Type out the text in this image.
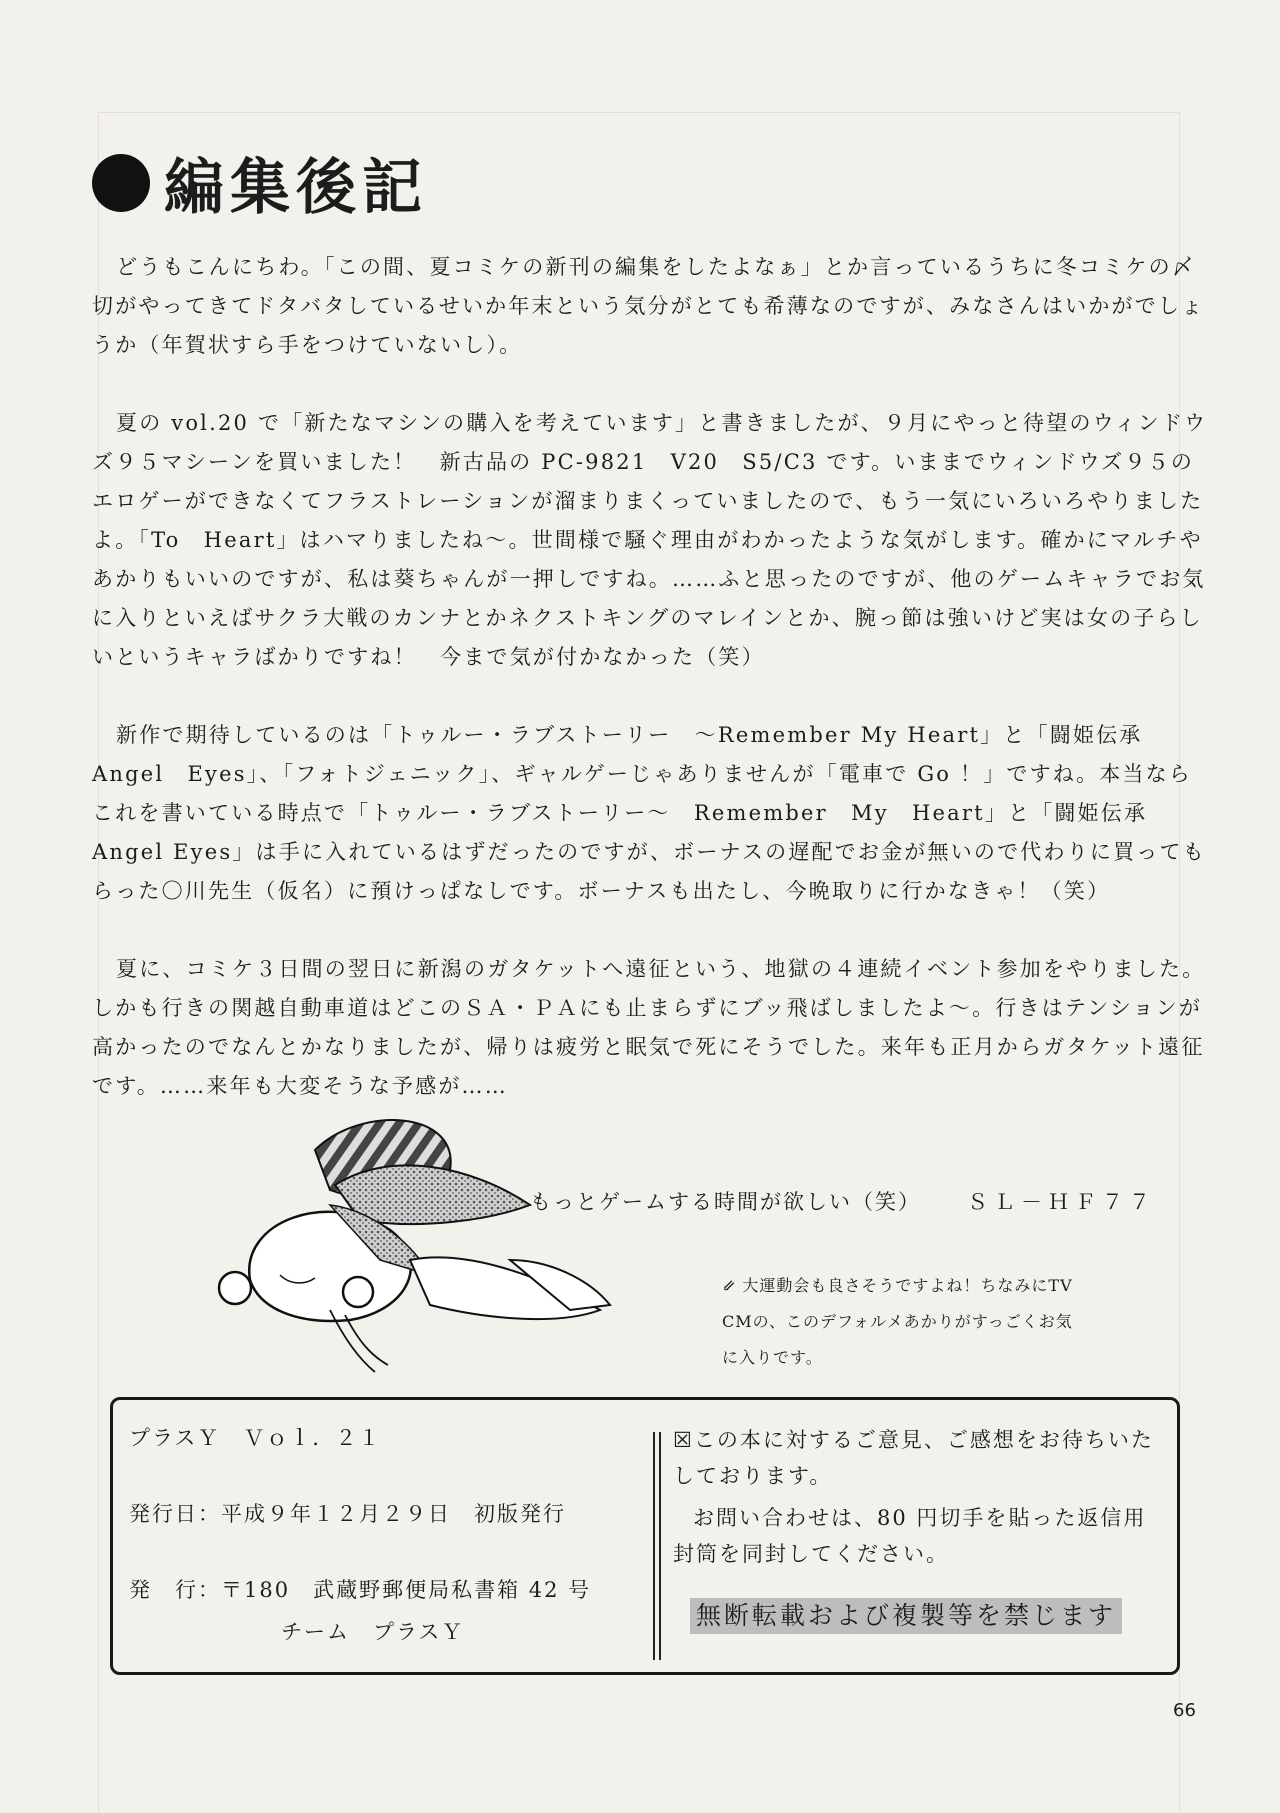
編集後記

どうもこんにちわ。「この間、夏コミケの新刊の編集をしたよなぁ」とか言っているうちに冬コミケの〆切がやってきてドタバタしているせいか年末という気分がとても希薄なのですが、みなさんはいかがでしょうか（年賀状すら手をつけていないし）。

夏の vol.20 で「新たなマシンの購入を考えています」と書きましたが、９月にやっと待望のウィンドウズ９５マシーンを買いました！　新古品の PC-9821　V20　S5/C3 です。いままでウィンドウズ９５のエロゲーができなくてフラストレーションが溜まりまくっていましたので、もう一気にいろいろやりましたよ。「To　Heart」はハマりましたね～。世間様で騒ぐ理由がわかったような気がします。確かにマルチやあかりもいいのですが、私は葵ちゃんが一押しですね。……ふと思ったのですが、他のゲームキャラでお気に入りといえばサクラ大戦のカンナとかネクストキングのマレインとか、腕っ節は強いけど実は女の子らしいというキャラばかりですね！　今まで気が付かなかった（笑）

新作で期待しているのは「トゥルー・ラブストーリー　～Remember My Heart」と「闘姫伝承　Angel　Eyes」、「フォトジェニック」、ギャルゲーじゃありませんが「電車で Go ！」ですね。本当ならこれを書いている時点で「トゥルー・ラブストーリー～　Remember　My　Heart」と「闘姫伝承　Angel Eyes」は手に入れているはずだったのですが、ボーナスの遅配でお金が無いので代わりに買ってもらった〇川先生（仮名）に預けっぱなしです。ボーナスも出たし、今晩取りに行かなきゃ！（笑）

夏に、コミケ３日間の翌日に新潟のガタケットへ遠征という、地獄の４連続イベント参加をやりました。しかも行きの関越自動車道はどこのＳＡ・ＰＡにも止まらずにブッ飛ばしましたよ～。行きはテンションが高かったのでなんとかなりましたが、帰りは疲労と眠気で死にそうでした。来年も正月からガタケット遠征です。……来年も大変そうな予感が……

もっとゲームする時間が欲しい（笑） ＳＬ－ＨＦ７７
⇙ 大運動会も良さそうですよね！ちなみにTV
CMの、このデフォルメあかりがすっごくお気
に入りです。
プラスＹ　Ｖｏｌ．２１
発行日：平成９年１２月２９日　初版発行
発　行：〒180　武蔵野郵便局私書箱 42 号
チーム　プラスＹ
☒この本に対するご意見、ご感想をお待ちいたしております。
お問い合わせは、80 円切手を貼った返信用封筒を同封してください。
無断転載および複製等を禁じます
66
